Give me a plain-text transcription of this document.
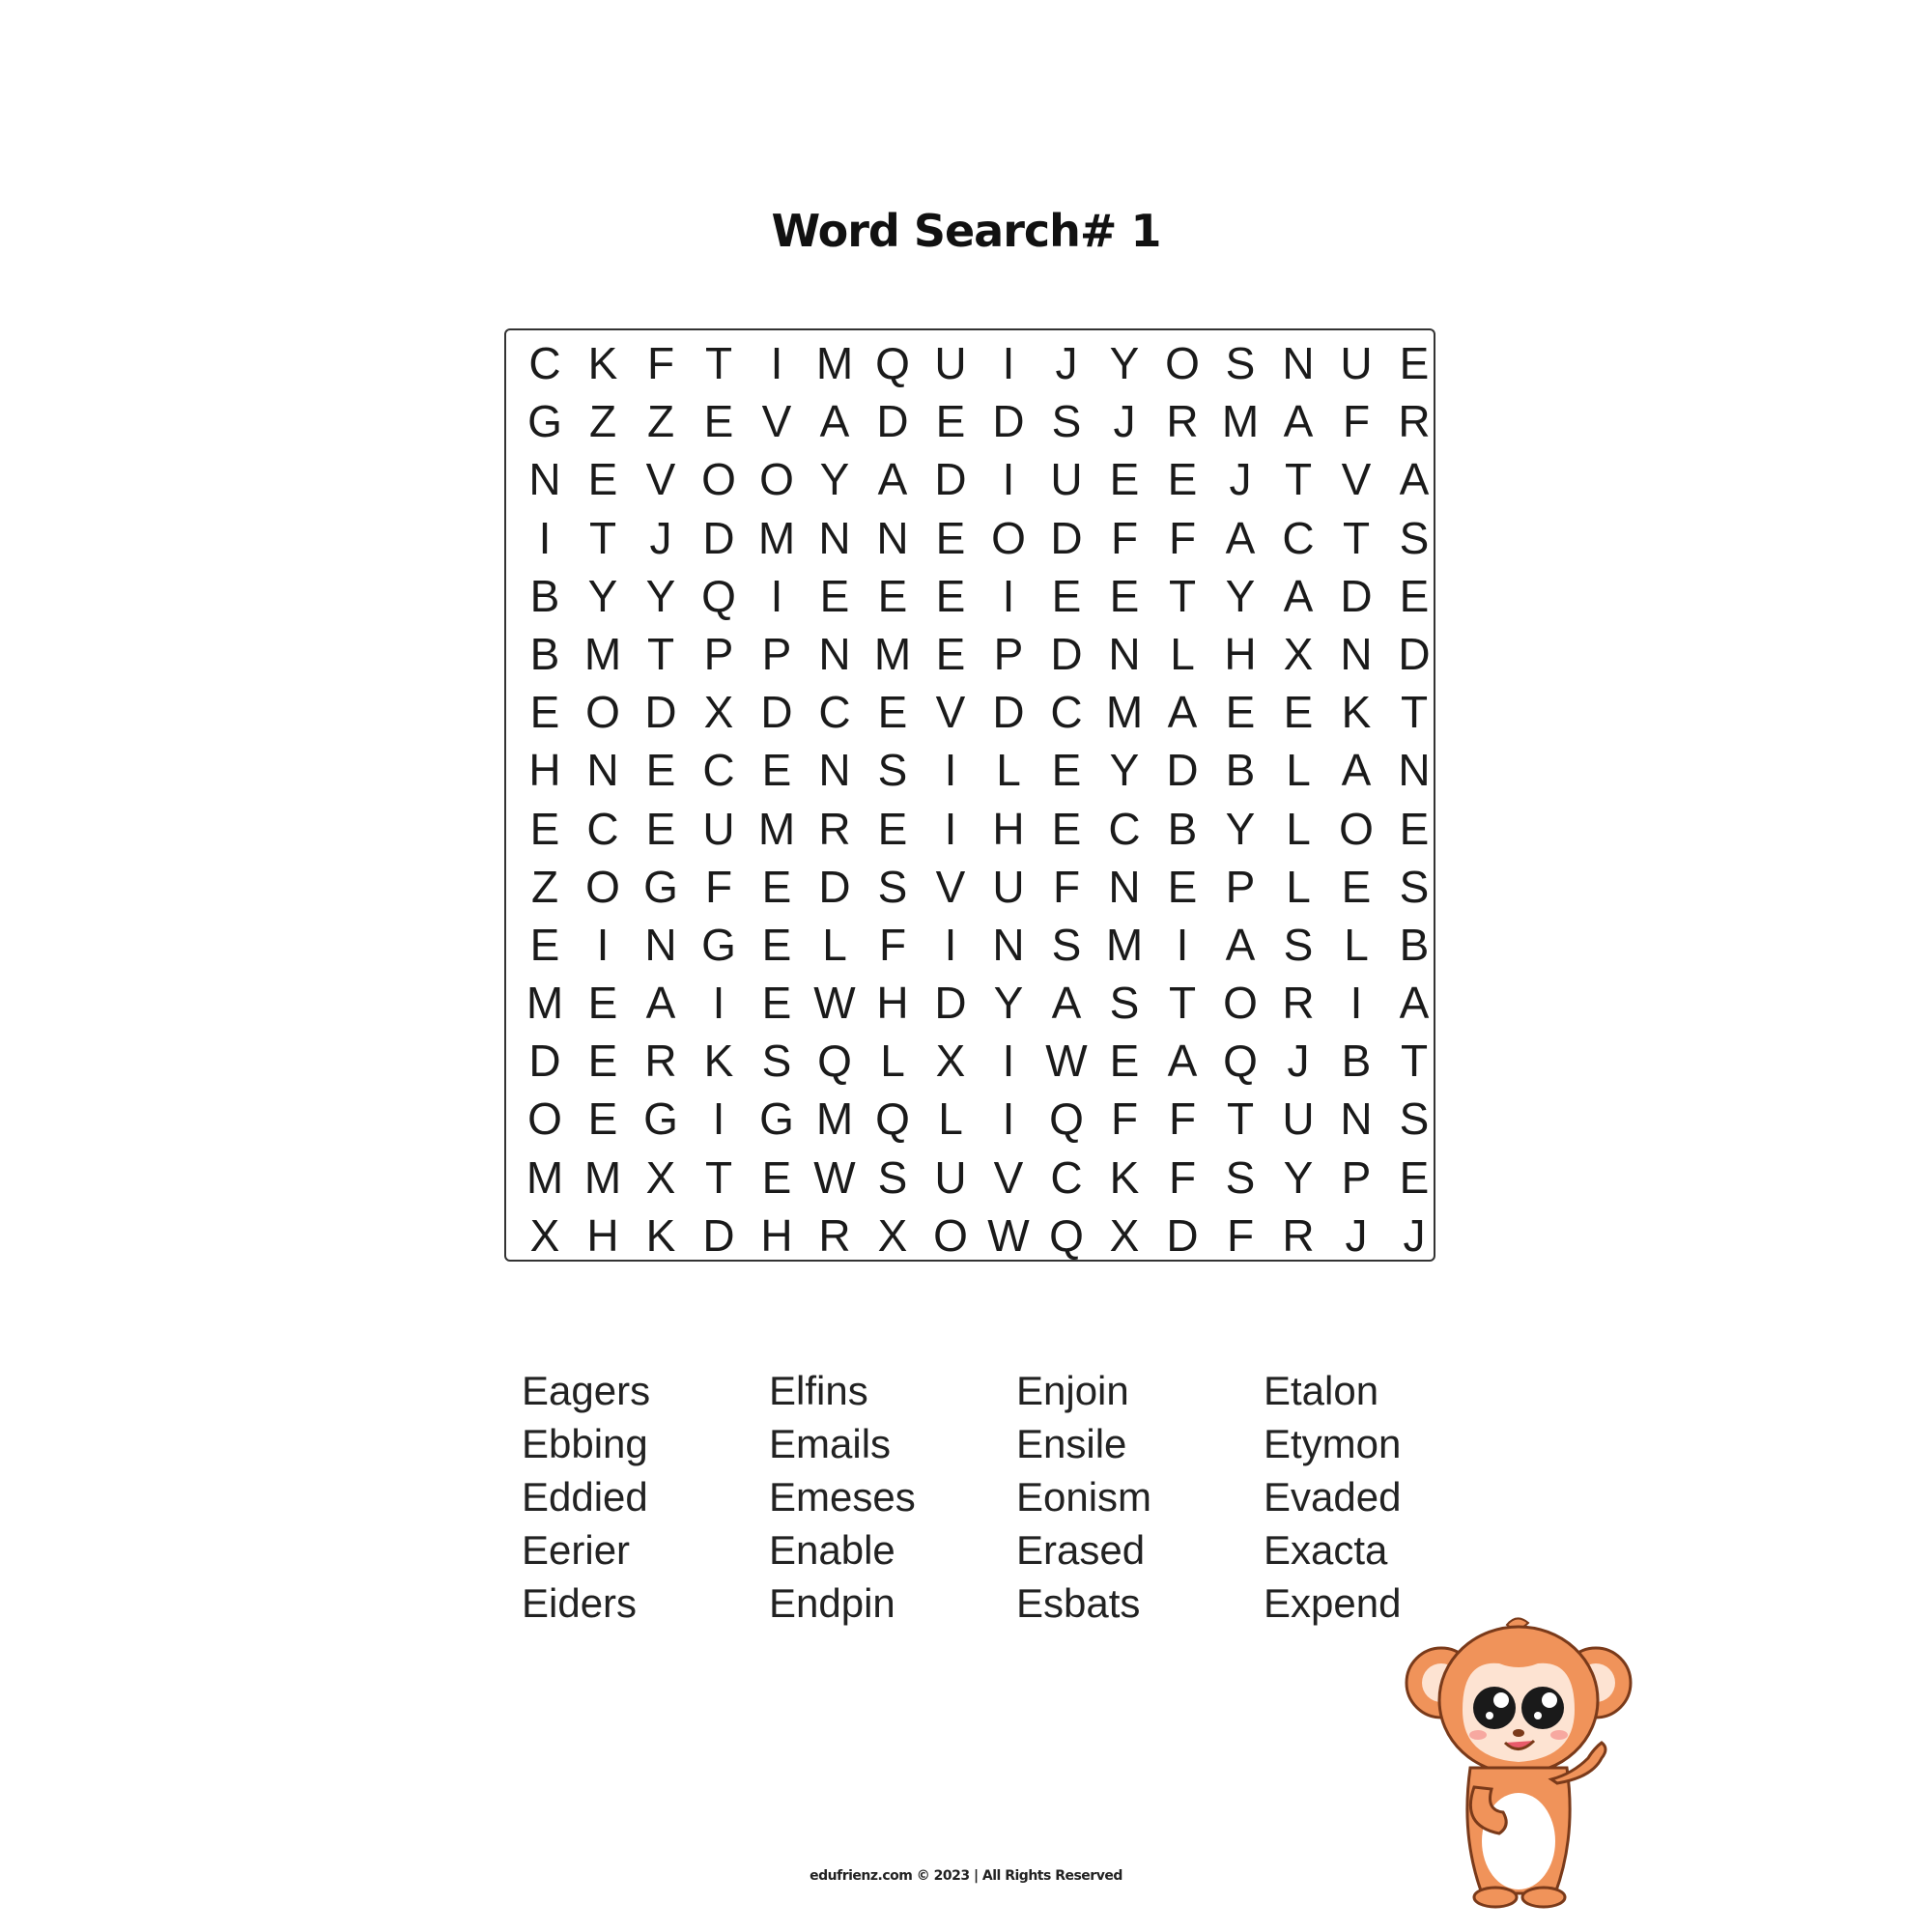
Word Search# 1
C K F T I M Q U I J Y O S N U E
G Z Z E V A D E D S J R M A F R
N E V O O Y A D I U E E J T V A
I T J D M N N E O D F F A C T S
B Y Y Q I E E E I E E T Y A D E
B M T P P N M E P D N L H X N D
E O D X D C E V D C M A E E K T
H N E C E N S I L E Y D B L A N
E C E U M R E I H E C B Y L O E
Z O G F E D S V U F N E P L E S
E I N G E L F I N S M I A S L B
M E A I E W H D Y A S T O R I A
D E R K S Q L X I W E A Q J B T
O E G I G M Q L I Q F F T U N S
M M X T E W S U V C K F S Y P E
X H K D H R X O W Q X D F R J J
Eagers
Ebbing
Eddied
Eerier
Eiders
Elfins
Emails
Emeses
Enable
Endpin
Enjoin
Ensile
Eonism
Erased
Esbats
Etalon
Etymon
Evaded
Exacta
Expend
edufrienz.com © 2023 | All Rights Reserved
